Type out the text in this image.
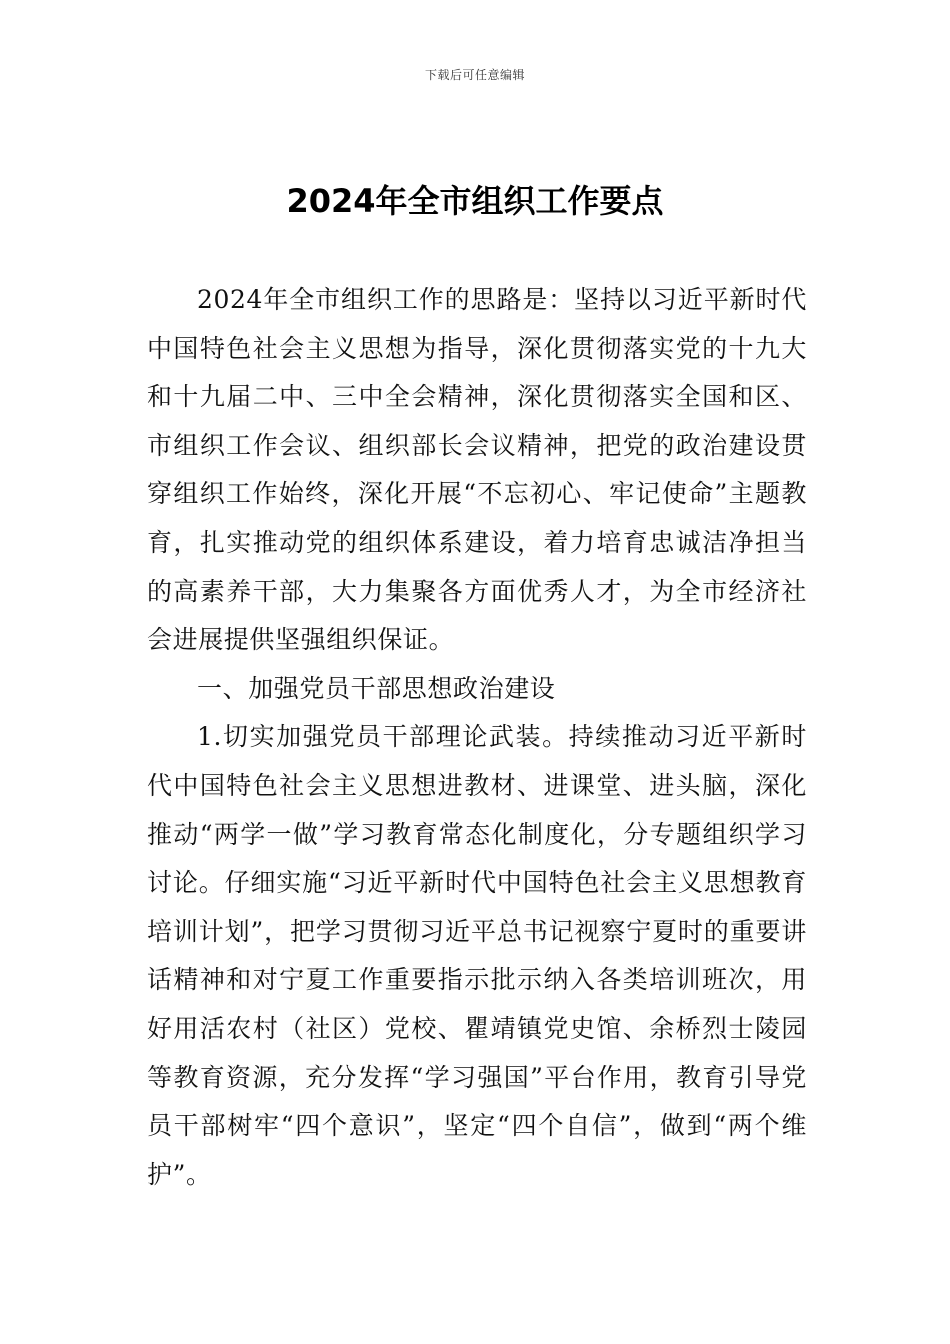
下载后可任意编辑
2024年全市组织工作要点

2024年全市组织工作的思路是：坚持以习近平新时代中国特色社会主义思想为指导，深化贯彻落实党的十九大和十九届二中、三中全会精神，深化贯彻落实全国和区、市组织工作会议、组织部长会议精神，把党的政治建设贯穿组织工作始终，深化开展“不忘初心、牢记使命”主题教育，扎实推动党的组织体系建设，着力培育忠诚洁净担当的高素养干部，大力集聚各方面优秀人才，为全市经济社会进展提供坚强组织保证。

一、加强党员干部思想政治建设

1.切实加强党员干部理论武装。持续推动习近平新时代中国特色社会主义思想进教材、进课堂、进头脑，深化推动“两学一做”学习教育常态化制度化，分专题组织学习讨论。仔细实施“习近平新时代中国特色社会主义思想教育培训计划”，把学习贯彻习近平总书记视察宁夏时的重要讲话精神和对宁夏工作重要指示批示纳入各类培训班次，用好用活农村（社区）党校、瞿靖镇党史馆、余桥烈士陵园等教育资源，充分发挥“学习强国”平台作用，教育引导党员干部树牢“四个意识”，坚定“四个自信”，做到“两个维护”。
